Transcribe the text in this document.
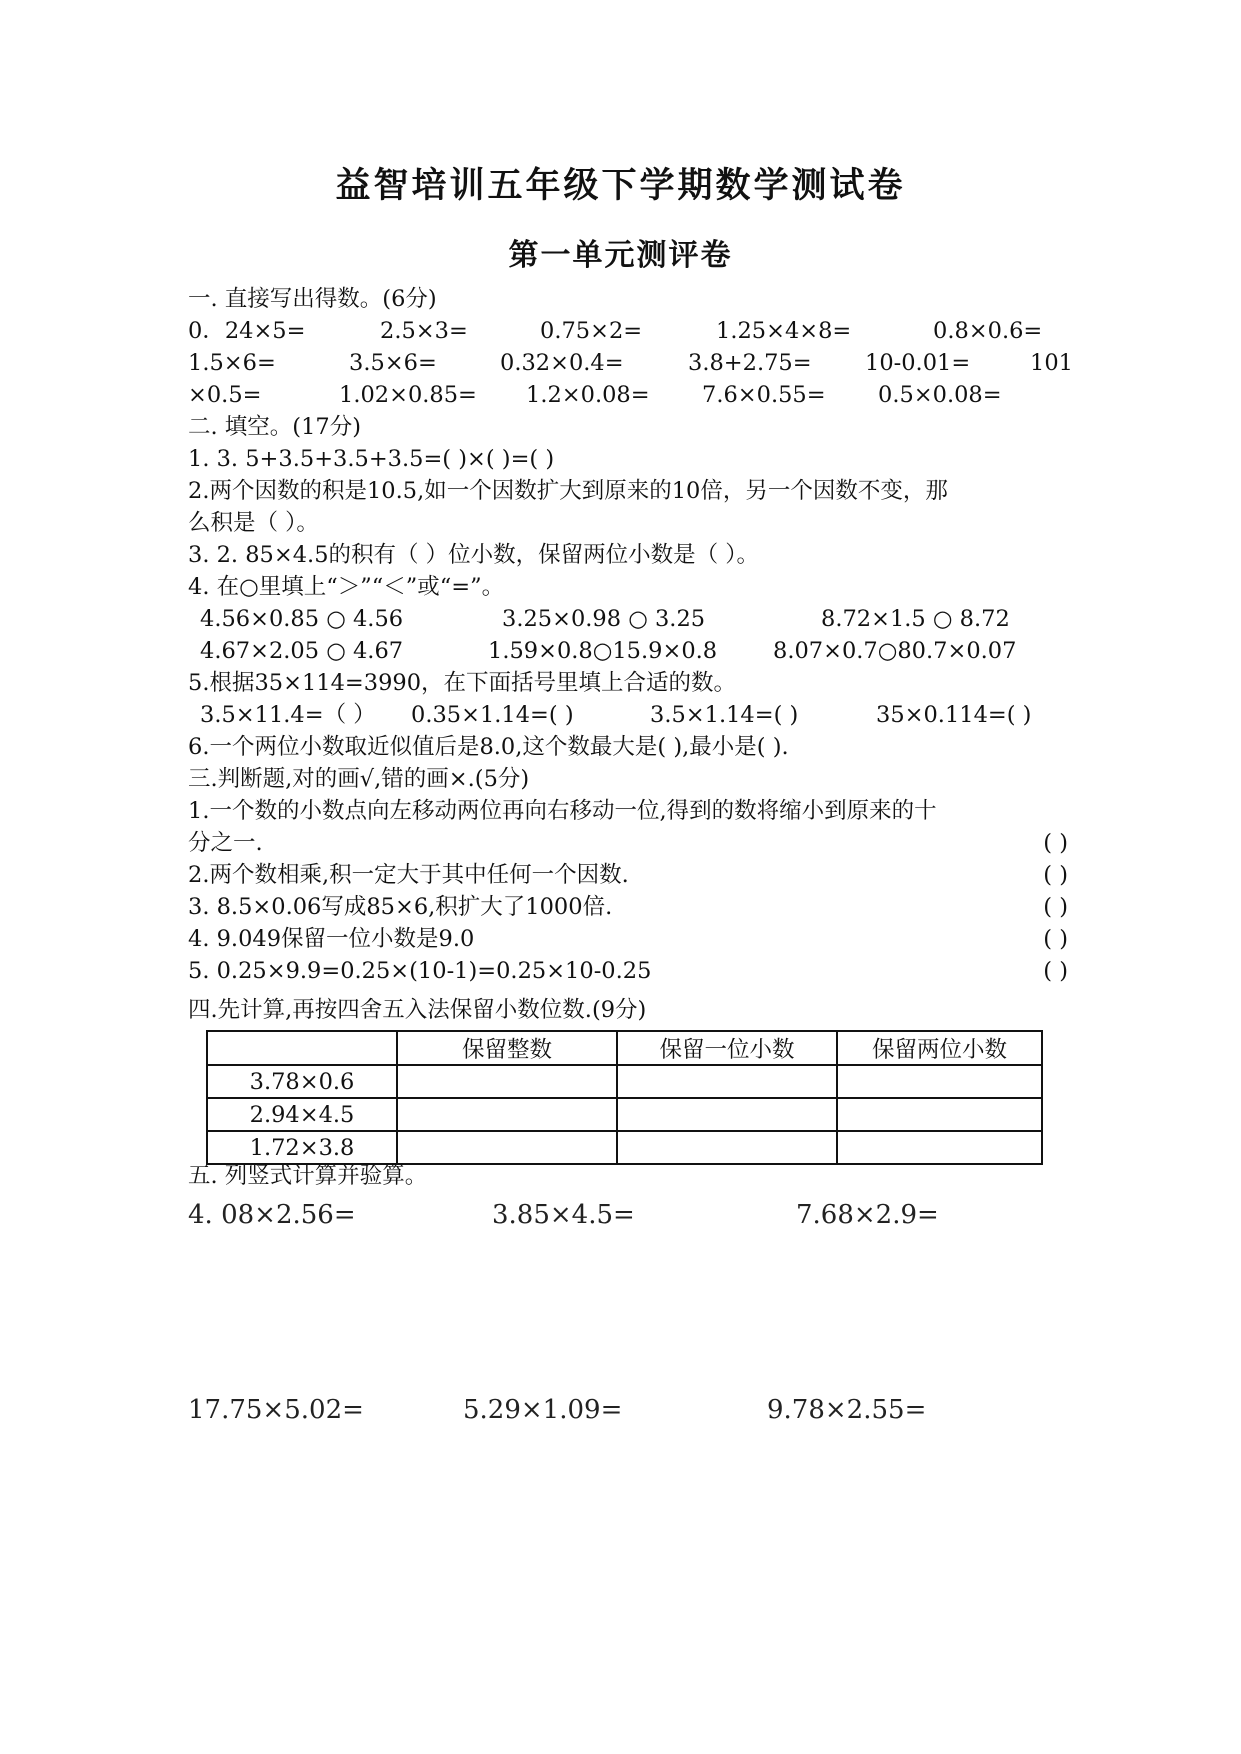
益智培训五年级下学期数学测试卷
第一单元测评卷
一. 直接写出得数。(6分)
0．24×5=	2.5×3=	0.75×2=	1.25×4×8=	0.8×0.6=
1.5×6=	3.5×6=	0.32×0.4=	3.8+2.75= 10-0.01=	101
×0.5=	1.02×0.85= 1.2×0.08= 7.6×0.55= 0.5×0.08=
二. 填空。(17分)
1. 3. 5+3.5+3.5+3.5=( )×( )=( )
2.两个因数的积是10.5,如一个因数扩大到原来的10倍，另一个因数不变，那
么积是（ ）。
3. 2. 85×4.5的积有（ ）位小数，保留两位小数是（ ）。
4. 在○里填上“＞”“＜”或“=”。
4.56×0.85 ○ 4.56	3.25×0.98 ○ 3.25	8.72×1.5 ○ 8.72
4.67×2.05 ○ 4.67	1.59×0.8○15.9×0.8 8.07×0.7○80.7×0.07
5.根据35×114=3990，在下面括号里填上合适的数。
3.5×11.4=（ ） 0.35×1.14=( )	3.5×1.14=( )	35×0.114=( )
6.一个两位小数取近似值后是8.0,这个数最大是( ),最小是( ).
三.判断题,对的画√,错的画×.(5分)
1.一个数的小数点向左移动两位再向右移动一位,得到的数将缩小到原来的十
分之一.	( )
2.两个数相乘,积一定大于其中任何一个因数.	( )
3. 8.5×0.06写成85×6,积扩大了1000倍.	( )
4. 9.049保留一位小数是9.0	( )
5. 0.25×9.9=0.25×(10-1)=0.25×10-0.25	( )
四.先计算,再按四舍五入法保留小数位数.(9分)
	保留整数	保留一位小数	保留两位小数
3.78×0.6			
2.94×4.5			
1.72×3.8			
五. 列竖式计算并验算。
4. 08×2.56=	3.85×4.5=	7.68×2.9=
17.75×5.02=	5.29×1.09=	9.78×2.55=
